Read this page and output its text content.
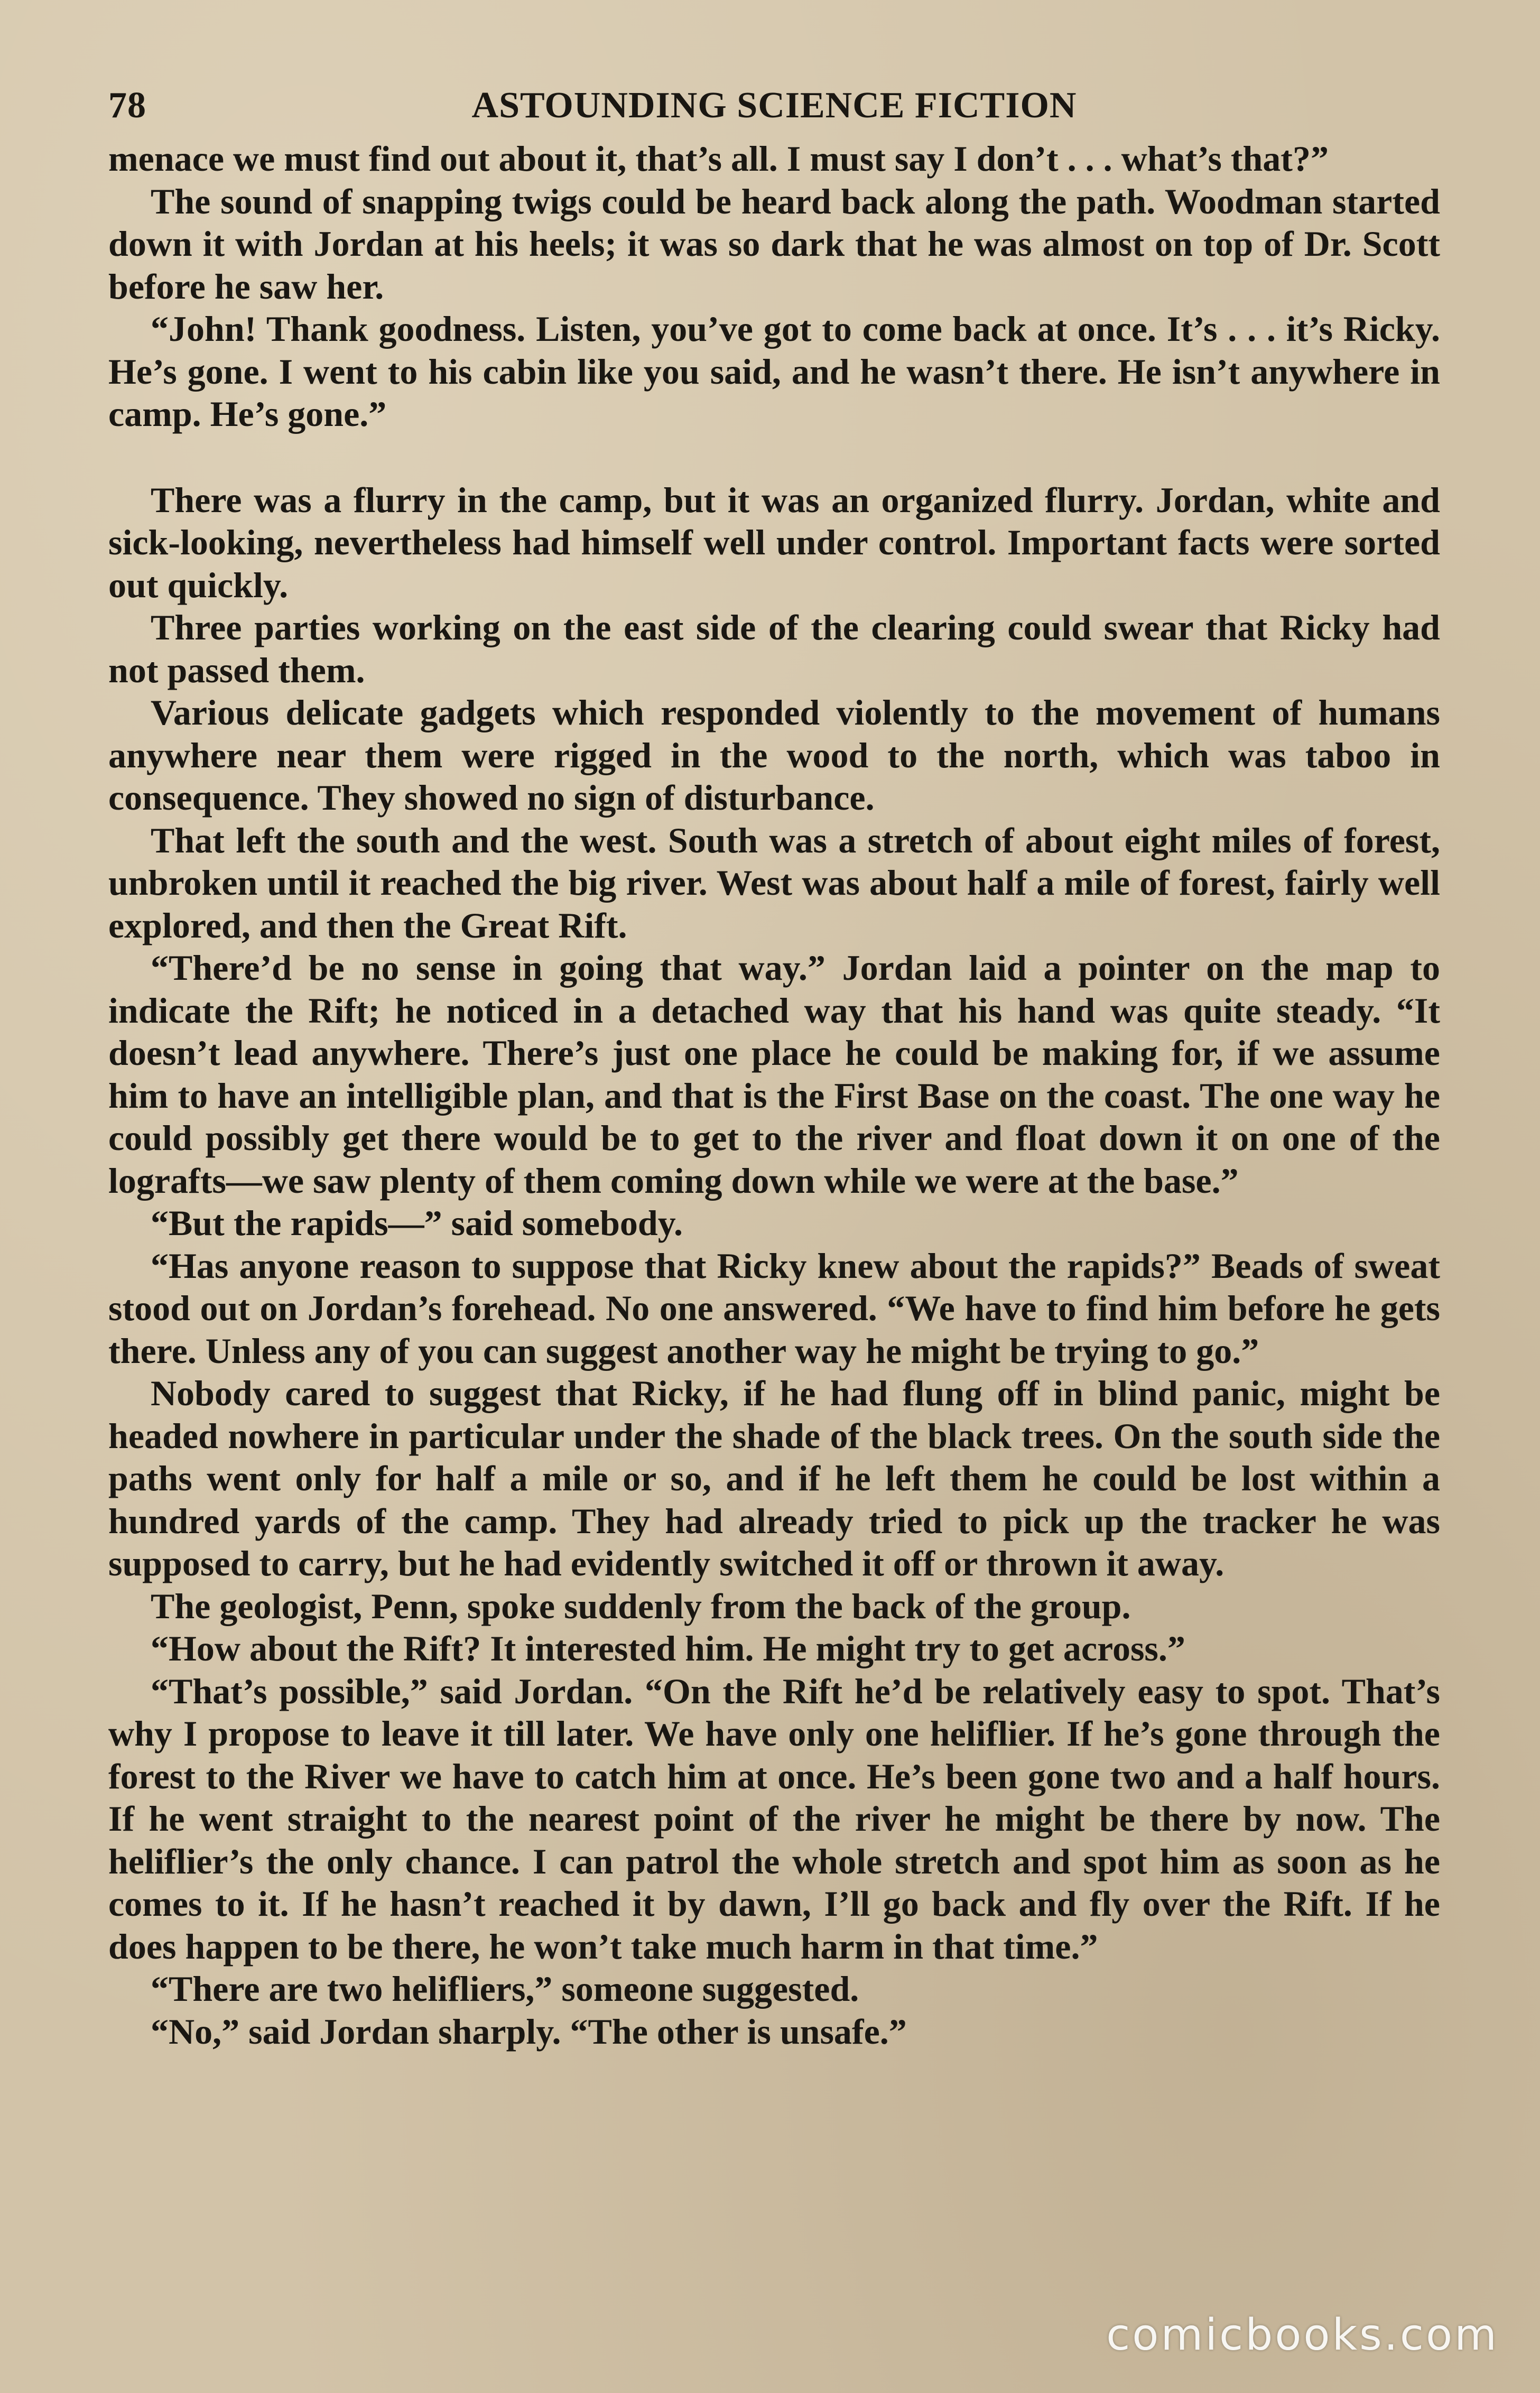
78	ASTOUNDING SCIENCE FICTION

menace we must find out about it, that’s all. I must say I don’t . . . what’s that?”

The sound of snapping twigs could be heard back along the path. Woodman started down it with Jordan at his heels; it was so dark that he was almost on top of Dr. Scott before he saw her.

“John! Thank goodness. Listen, you’ve got to come back at once. It’s . . . it’s Ricky. He’s gone. I went to his cabin like you said, and he wasn’t there. He isn’t anywhere in camp. He’s gone.”

There was a flurry in the camp, but it was an organized flurry. Jordan, white and sick-looking, nevertheless had himself well under control. Important facts were sorted out quickly.

Three parties working on the east side of the clearing could swear that Ricky had not passed them.

Various delicate gadgets which responded violently to the movement of humans anywhere near them were rigged in the wood to the north, which was taboo in consequence. They showed no sign of disturbance.

That left the south and the west. South was a stretch of about eight miles of forest, unbroken until it reached the big river. West was about half a mile of forest, fairly well explored, and then the Great Rift.

“There’d be no sense in going that way.” Jordan laid a pointer on the map to indicate the Rift; he noticed in a detached way that his hand was quite steady. “It doesn’t lead anywhere. There’s just one place he could be making for, if we assume him to have an intelligible plan, and that is the First Base on the coast. The one way he could possibly get there would be to get to the river and float down it on one of the lografts—we saw plenty of them coming down while we were at the base.”

“But the rapids—” said somebody.

“Has anyone reason to suppose that Ricky knew about the rapids?” Beads of sweat stood out on Jordan’s forehead. No one answered. “We have to find him before he gets there. Unless any of you can suggest another way he might be trying to go.”

Nobody cared to suggest that Ricky, if he had flung off in blind panic, might be headed nowhere in particular under the shade of the black trees. On the south side the paths went only for half a mile or so, and if he left them he could be lost within a hundred yards of the camp. They had already tried to pick up the tracker he was supposed to carry, but he had evidently switched it off or thrown it away.

The geologist, Penn, spoke suddenly from the back of the group.

“How about the Rift? It interested him. He might try to get across.”

“That’s possible,” said Jordan. “On the Rift he’d be relatively easy to spot. That’s why I propose to leave it till later. We have only one heliflier. If he’s gone through the forest to the River we have to catch him at once. He’s been gone two and a half hours. If he went straight to the nearest point of the river he might be there by now. The heliflier’s the only chance. I can patrol the whole stretch and spot him as soon as he comes to it. If he hasn’t reached it by dawn, I’ll go back and fly over the Rift. If he does happen to be there, he won’t take much harm in that time.”

“There are two helifliers,” someone suggested.

“No,” said Jordan sharply. “The other is unsafe.”

comicbooks.com
